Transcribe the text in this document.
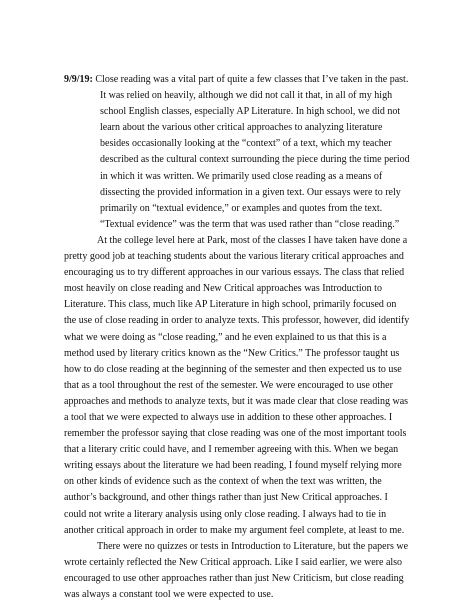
9/9/19: Close reading was a vital part of quite a few classes that I’ve taken in the past. It was relied on heavily, although we did not call it that, in all of my high school English classes, especially AP Literature. In high school, we did not learn about the various other critical approaches to analyzing literature besides occasionally looking at the “context” of a text, which my teacher described as the cultural context surrounding the piece during the time period in which it was written. We primarily used close reading as a means of dissecting the provided information in a given text. Our essays were to rely primarily on “textual evidence,” or examples and quotes from the text. “Textual evidence” was the term that was used rather than “close reading.”

At the college level here at Park, most of the classes I have taken have done a pretty good job at teaching students about the various literary critical approaches and encouraging us to try different approaches in our various essays. The class that relied most heavily on close reading and New Critical approaches was Introduction to Literature. This class, much like AP Literature in high school, primarily focused on the use of close reading in order to analyze texts. This professor, however, did identify what we were doing as “close reading,” and he even explained to us that this is a method used by literary critics known as the “New Critics.” The professor taught us how to do close reading at the beginning of the semester and then expected us to use that as a tool throughout the rest of the semester. We were encouraged to use other approaches and methods to analyze texts, but it was made clear that close reading was a tool that we were expected to always use in addition to these other approaches. I remember the professor saying that close reading was one of the most important tools that a literary critic could have, and I remember agreeing with this. When we began writing essays about the literature we had been reading, I found myself relying more on other kinds of evidence such as the context of when the text was written, the author’s background, and other things rather than just New Critical approaches. I could not write a literary analysis using only close reading. I always had to tie in another critical approach in order to make my argument feel complete, at least to me.

There were no quizzes or tests in Introduction to Literature, but the papers we wrote certainly reflected the New Critical approach. Like I said earlier, we were also encouraged to use other approaches rather than just New Criticism, but close reading was always a constant tool we were expected to use.
